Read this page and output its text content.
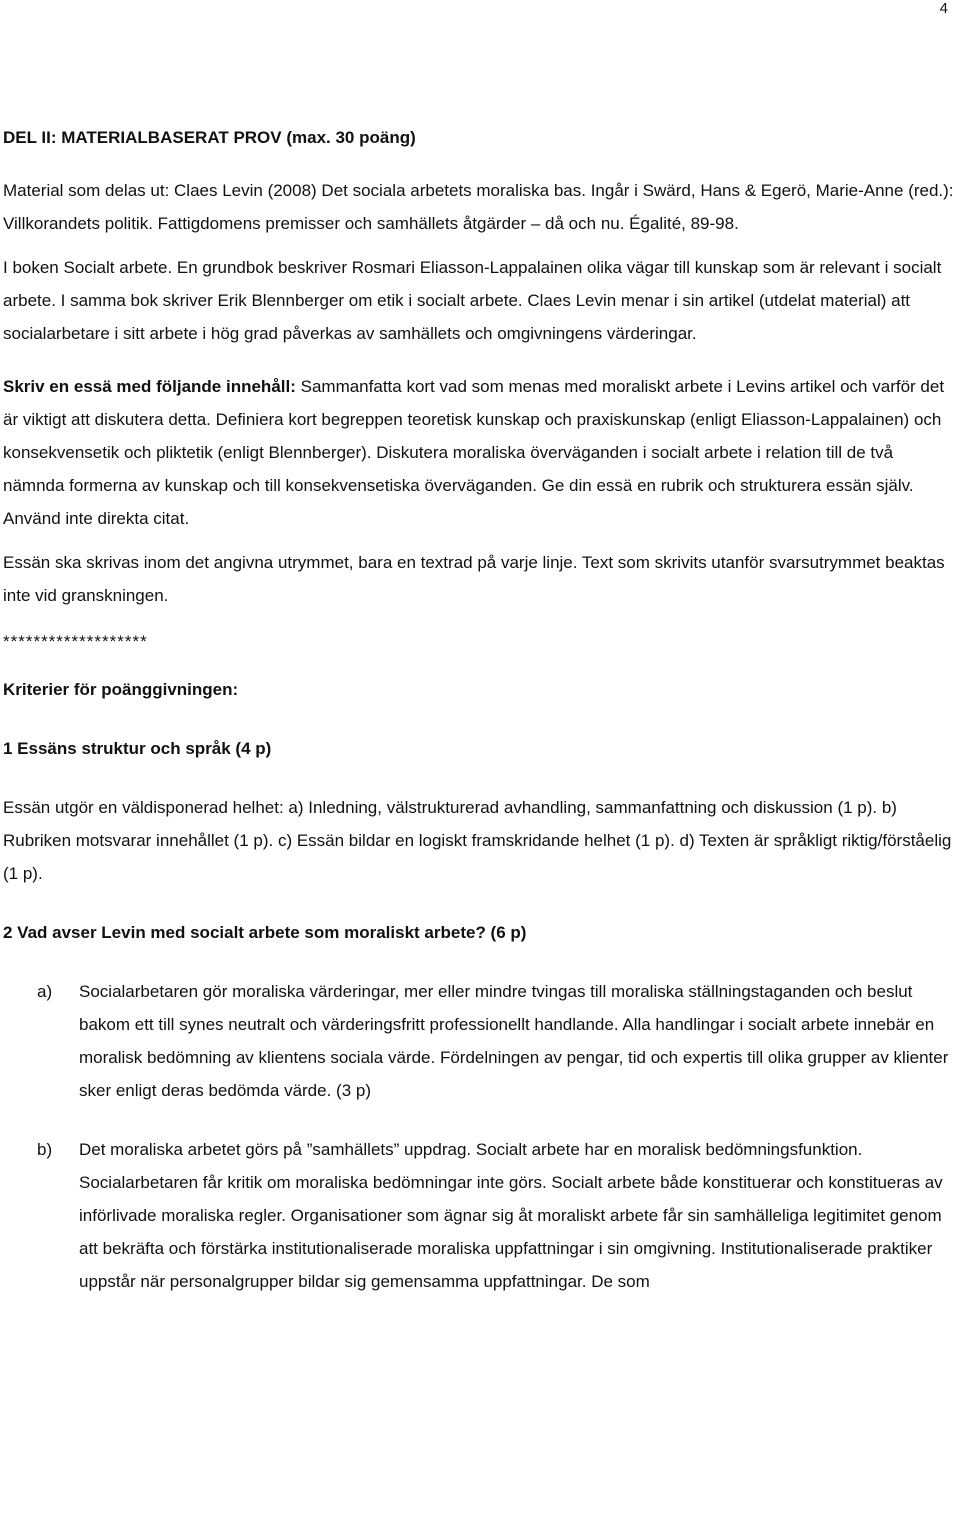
4

DEL II: MATERIALBASERAT PROV (max. 30 poäng)

Material som delas ut: Claes Levin (2008) Det sociala arbetets moraliska bas. Ingår i Swärd, Hans & Egerö, Marie-Anne (red.): Villkorandets politik. Fattigdomens premisser och samhällets åtgärder – då och nu. Égalité, 89-98.

I boken Socialt arbete. En grundbok beskriver Rosmari Eliasson-Lappalainen olika vägar till kunskap som är relevant i socialt arbete. I samma bok skriver Erik Blennberger om etik i socialt arbete. Claes Levin menar i sin artikel (utdelat material) att socialarbetare i sitt arbete i hög grad påverkas av samhällets och omgivningens värderingar.

Skriv en essä med följande innehåll: Sammanfatta kort vad som menas med moraliskt arbete i Levins artikel och varför det är viktigt att diskutera detta. Definiera kort begreppen teoretisk kunskap och praxiskunskap (enligt Eliasson-Lappalainen) och konsekvensetik och pliktetik (enligt Blennberger). Diskutera moraliska överväganden i socialt arbete i relation till de två nämnda formerna av kunskap och till konsekvensetiska överväganden. Ge din essä en rubrik och strukturera essän själv. Använd inte direkta citat.

Essän ska skrivas inom det angivna utrymmet, bara en textrad på varje linje. Text som skrivits utanför svarsutrymmet beaktas inte vid granskningen.

*******************

Kriterier för poänggivningen:

1 Essäns struktur och språk (4 p)

Essän utgör en väldisponerad helhet: a) Inledning, välstrukturerad avhandling, sammanfattning och diskussion (1 p). b) Rubriken motsvarar innehållet (1 p). c) Essän bildar en logiskt framskridande helhet (1 p). d) Texten är språkligt riktig/förståelig (1 p).

2 Vad avser Levin med socialt arbete som moraliskt arbete? (6 p)

a) Socialarbetaren gör moraliska värderingar, mer eller mindre tvingas till moraliska ställningstaganden och beslut bakom ett till synes neutralt och värderingsfritt professionellt handlande. Alla handlingar i socialt arbete innebär en moralisk bedömning av klientens sociala värde. Fördelningen av pengar, tid och expertis till olika grupper av klienter sker enligt deras bedömda värde. (3 p)
b) Det moraliska arbetet görs på ”samhällets” uppdrag. Socialt arbete har en moralisk bedömningsfunktion. Socialarbetaren får kritik om moraliska bedömningar inte görs. Socialt arbete både konstituerar och konstitueras av införlivade moraliska regler. Organisationer som ägnar sig åt moraliskt arbete får sin samhälleliga legitimitet genom att bekräfta och förstärka institutionaliserade moraliska uppfattningar i sin omgivning. Institutionaliserade praktiker uppstår när personalgrupper bildar sig gemensamma uppfattningar. De som
